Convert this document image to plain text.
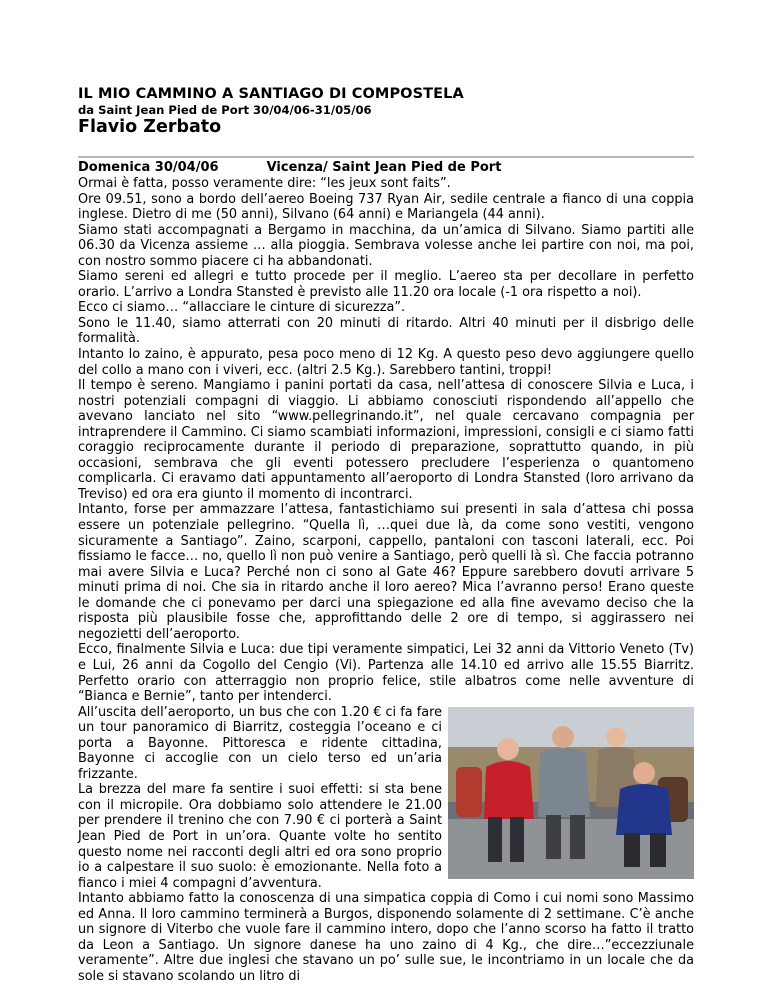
IL MIO CAMMINO A SANTIAGO DI COMPOSTELA

da Saint Jean Pied de Port 30/04/06-31/05/06

Flavio Zerbato

Domenica 30/04/06	Vicenza/ Saint Jean Pied de Port

Ormai è fatta, posso veramente dire: “les jeux sont faits”.

Ore 09.51, sono a bordo dell’aereo Boeing 737 Ryan Air, sedile centrale a fianco di una coppia inglese. Dietro di me (50 anni), Silvano (64 anni) e Mariangela (44 anni).

Siamo stati accompagnati a Bergamo in macchina, da un’amica di Silvano. Siamo partiti alle 06.30 da Vicenza assieme … alla pioggia. Sembrava volesse anche lei partire con noi, ma poi, con nostro sommo piacere ci ha abbandonati.

Siamo sereni ed allegri e tutto procede per il meglio. L’aereo sta per decollare in perfetto orario. L’arrivo a Londra Stansted è previsto alle 11.20 ora locale (-1 ora rispetto a noi).

Ecco ci siamo… “allacciare le cinture di sicurezza”.

Sono le 11.40, siamo atterrati con 20 minuti di ritardo. Altri 40 minuti per il disbrigo delle formalità.

Intanto lo zaino, è appurato, pesa poco meno di 12 Kg. A questo peso devo aggiungere quello del collo a mano con i viveri, ecc. (altri 2.5 Kg.). Sarebbero tantini, troppi!

Il tempo è sereno. Mangiamo i panini portati da casa, nell’attesa di conoscere Silvia e Luca, i nostri potenziali compagni di viaggio. Li abbiamo conosciuti rispondendo all’appello che avevano lanciato nel sito “www.pellegrinando.it”, nel quale cercavano compagnia per intraprendere il Cammino. Ci siamo scambiati informazioni, impressioni, consigli e ci siamo fatti coraggio reciprocamente durante il periodo di preparazione, soprattutto quando, in più occasioni, sembrava che gli eventi potessero precludere l’esperienza o quantomeno complicarla. Ci eravamo dati appuntamento all’aeroporto di Londra Stansted (loro arrivano da Treviso) ed ora era giunto il momento di incontrarci.

Intanto, forse per ammazzare l’attesa, fantastichiamo sui presenti in sala d’attesa chi possa essere un potenziale pellegrino. “Quella lì, …quei due là, da come sono vestiti, vengono sicuramente a Santiago”. Zaino, scarponi, cappello, pantaloni con tasconi laterali, ecc. Poi fissiamo le facce… no, quello lì non può venire a Santiago, però quelli là sì. Che faccia potranno mai avere Silvia e Luca? Perché non ci sono al Gate 46? Eppure sarebbero dovuti arrivare 5 minuti prima di noi. Che sia in ritardo anche il loro aereo? Mica l’avranno perso! Erano queste le domande che ci ponevamo per darci una spiegazione ed alla fine avevamo deciso che la risposta più plausibile fosse che, approfittando delle 2 ore di tempo, si aggirassero nei negozietti dell’aeroporto.

Ecco, finalmente Silvia e Luca: due tipi veramente simpatici, Lei 32 anni da Vittorio Veneto (Tv) e Lui, 26 anni da Cogollo del Cengio (Vi). Partenza alle 14.10 ed arrivo alle 15.55 Biarritz. Perfetto orario con atterraggio non proprio felice, stile albatros come nelle avventure di “Bianca e Bernie”, tanto per intenderci.

All’uscita dell’aeroporto, un bus che con 1.20 € ci fa fare un tour panoramico di Biarritz, costeggia l’oceano e ci porta a Bayonne. Pittoresca e ridente cittadina, Bayonne ci accoglie con un cielo terso ed un’aria frizzante.

La brezza del mare fa sentire i suoi effetti: si sta bene con il micropile. Ora dobbiamo solo attendere le 21.00 per prendere il trenino che con 7.90 € ci porterà a Saint Jean Pied de Port in un’ora. Quante volte ho sentito questo nome nei racconti degli altri ed ora sono proprio io a calpestare il suo suolo: è emozionante. Nella foto a fianco i miei 4 compagni d’avventura.

Intanto abbiamo fatto la conoscenza di una simpatica coppia di Como i cui nomi sono Massimo ed Anna. Il loro cammino terminerà a Burgos, disponendo solamente di 2 settimane. C’è anche un signore di Viterbo che vuole fare il cammino intero, dopo che l’anno scorso ha fatto il tratto da Leon a Santiago. Un signore danese ha uno zaino di 4 Kg., che dire…”eccezziunale veramente”. Altre due inglesi che stavano un po’ sulle sue, le incontriamo in un locale che da sole si stavano scolando un litro di
